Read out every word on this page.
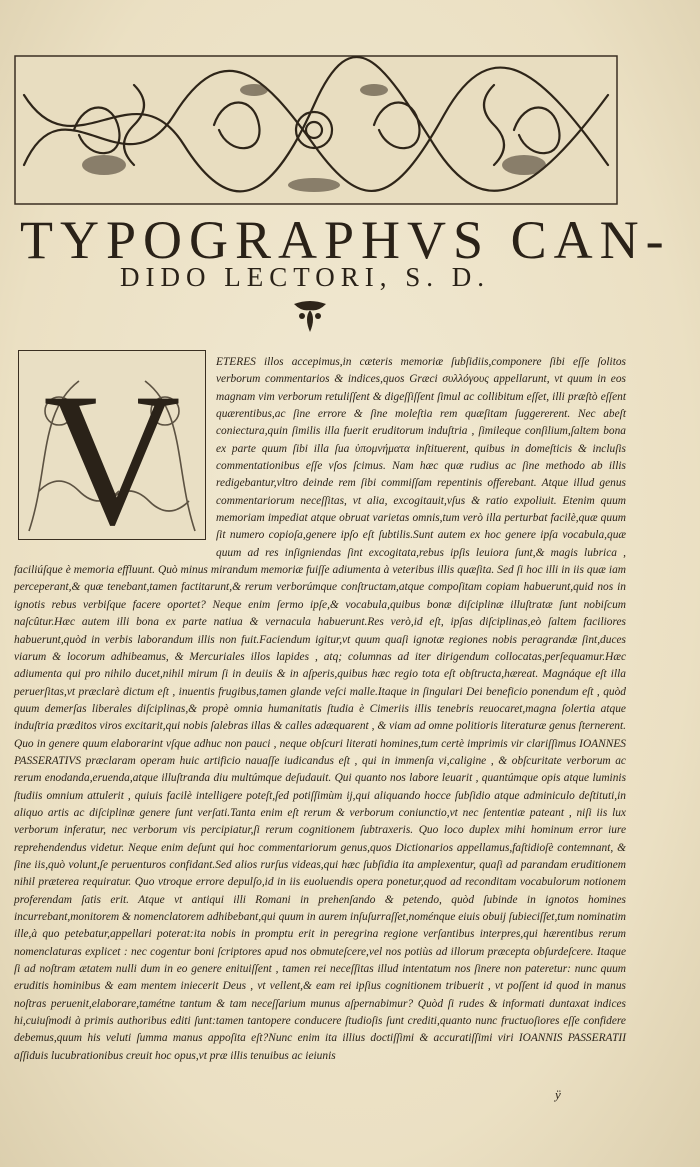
TYPOGRAPHVS CAN-
DIDO LECTORI, S. D.
V	ETERES illos accepimus,in cæteris memoriæ ſubſidiis,componere ſibi eſſe ſolitos verborum commentarios & indices,quos Græci συλλόγους appellarunt, vt quum in eos magnam vim verborum retuliſſent & digeſſiſſent ſimul ac collibitum eſſet, illi præſtò eſſent quærentibus,ac ſine errore & ſine moleſtia rem quæſitam ſuggererent. Nec abeſt coniectura,quin ſimilis illa fuerit eruditorum induſtria , ſimileque conſilium,ſaltem bona ex parte quum ſibi illa ſua ὑπομνήματα inſtituerent, quibus in domeſticis & incluſis commentationibus eſſe vſos ſcimus. Nam hæc quæ rudius ac ſine methodo ab illis redigebantur,vltro deinde rem ſibi commiſſam repentinis offerebant. Atque illud genus commentariorum neceſſitas, vt alia, excogitauit,vſus & ratio expoliuit. Etenim quum memoriam impediat atque obruat varietas omnis,tum verò illa perturbat facilè,quæ quum ſit numero copioſa,genere ipſo eſt ſubtilis.Sunt autem ex hoc genere ipſa vocabula,quæ quum ad res inſigniendas ſint excogitata,rebus ipſis leuiora ſunt,& magis lubrica , faciliúſque è memoria effluunt. Quò minus mirandum memoriæ fuiſſe adiumenta à veteribus illis quæſita. Sed ſi hoc illi in iis quæ iam perceperant,& quæ tenebant,tamen factitarunt,& rerum verborúmque conſtructam,atque compoſitam copiam habuerunt,quid nos in ignotis rebus verbiſque facere oportet? Neque enim ſermo ipſe,& vocabula,quibus bonæ diſciplinæ illuſtratæ ſunt nobiſcum naſcûtur.Hæc autem illi bona ex parte natiua & vernacula habuerunt.Res verò,id eſt, ipſas diſciplinas,eò ſaltem faciliores habuerunt,quòd in verbis laborandum illis non fuit.Faciendum igitur,vt quum quaſi ignotæ regiones nobis peragrandæ ſint,duces viarum & locorum adhibeamus, & Mercuriales illos lapides , atq; columnas ad iter dirigendum collocatas,perſequamur.Hæc adiumenta qui pro nihilo ducet,nihil mirum ſi in deuiis & in aſperis,quibus hæc regio tota eſt obſtructa,hæreat. Magnáque eſt illa peruerſitas,vt præclarè dictum eſt , inuentis frugibus,tamen glande veſci malle.Itaque in ſingulari Dei beneficio ponendum eſt , quòd quum demerſas liberales diſciplinas,& propè omnia humanitatis ſtudia è Cimeriis illis tenebris reuocaret,magna ſolertia atque induſtria præditos viros excitarit,qui nobis ſalebras illas & calles adæquarent , & viam ad omne politioris literaturæ genus ſternerent. Quo in genere quum elaborarint vſque adhuc non pauci , neque obſcuri literati homines,tum certè imprimis vir clariſſimus IOANNES PASSERATIVS præclaram operam huic artificio nauaſſe iudicandus eſt , qui in immenſa vi,caligine , & obſcuritate verborum ac rerum enodanda,eruenda,atque illuſtranda diu multúmque deſudauit. Qui quanto nos labore leuarit , quantúmque opis atque luminis ſtudiis omnium attulerit , quiuis facilè intelligere poteſt,ſed potiſſimùm ij,qui aliquando hocce ſubſidio atque adminiculo deſtituti,in aliquo artis ac diſciplinæ genere ſunt verſati.Tanta enim eſt rerum & verborum coniunctio,vt nec ſententiæ pateant , niſi iis lux verborum inferatur, nec verborum vis percipiatur,ſi rerum cognitionem ſubtraxeris. Quo loco duplex mihi hominum error iure reprehendendus videtur. Neque enim deſunt qui hoc commentariorum genus,quos Dictionarios appellamus,faſtidioſè contemnant, & ſine iis,quò volunt,ſe peruenturos confidant.Sed alios rurſus videas,qui hæc ſubſidia ita amplexentur, quaſi ad parandam eruditionem nihil præterea requiratur. Quo vtroque errore depulſo,id in iis euoluendis opera ponetur,quod ad reconditam vocabulorum notionem proferendam ſatis erit. Atque vt antiqui illi Romani in prehenſando & petendo, quòd ſubinde in ignotos homines incurrebant,monitorem & nomenclatorem adhibebant,qui quum in aurem inſuſurraſſet,noménque eiuis obuij ſubieciſſet,tum nominatim ille,à quo petebatur,appellari poterat:ita nobis in promptu erit in peregrina regione verſantibus interpres,qui hærentibus rerum nomenclaturas explicet : nec cogentur boni ſcriptores apud nos obmuteſcere,vel nos potiùs ad illorum præcepta obſurdeſcere. Itaque ſi ad noſtram ætatem nulli dum in eo genere enituiſſent , tamen rei neceſſitas illud intentatum nos ſinere non pateretur: nunc quum eruditis hominibus & eam mentem iniecerit Deus , vt vellent,& eam rei ipſius cognitionem tribuerit , vt poſſent id quod in manus noſtras peruenit,elaborare,tamétne tantum & tam neceſſarium munus aſpernabimur? Quòd ſi rudes & informati duntaxat indices hi,cuiuſmodi à primis authoribus editi ſunt:tamen tantopere conducere ſtudioſis ſunt crediti,quanto nunc fructuoſiores eſſe confidere debemus,quum his veluti ſumma manus appoſita eſt?Nunc enim ita illius doctiſſimi & accuratiſſimi viri IOANNIS PASSERATII aſſiduis lucubrationibus creuit hoc opus,vt præ illis tenuibus ac ieiunis

ÿ
